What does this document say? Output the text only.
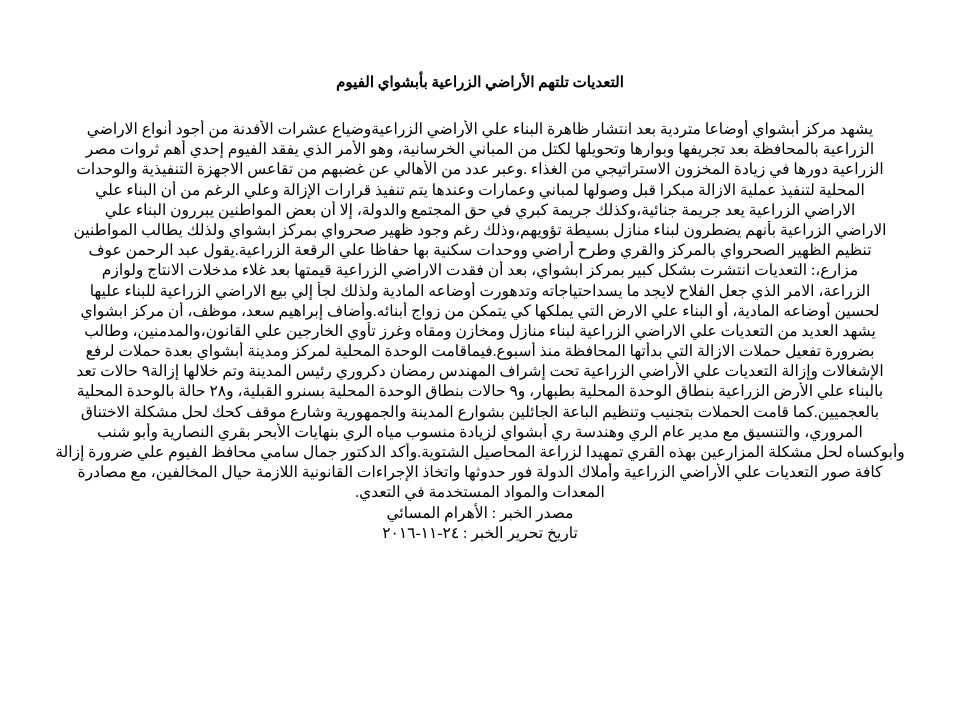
التعديات تلتهم الأراضي الزراعية بأبشواي الفيوم
يشهد مركز أبشواي أوضاعا متردية بعد انتشار ظاهرة البناء علي الأراضي الزراعيةوضياع عشرات الأفدنة من أجود أنواع الاراضي
الزراعية بالمحافظة بعد تجريفها وبوارها وتحويلها لكتل من المباني الخرسانية، وهو الأمر الذي يفقد الفيوم إحدي أهم ثروات مصر
الزراعية دورها في زيادة المخزون الاستراتيجي من الغذاء .وعبر عدد من الأهالي عن غضبهم من تقاعس الاجهزة التنفيذية والوحدات
المحلية لتنفيذ عملية الازالة مبكرا قبل وصولها لمباني وعمارات وعندها يتم تنفيذ قرارات الإزالة وعلي الرغم من أن البناء علي
الاراضي الزراعية يعد جريمة جنائية،وكذلك جريمة كبري في حق المجتمع والدولة، إلا أن بعض المواطنين يبررون البناء علي
الاراضي الزراعية بأنهم يضطرون لبناء منازل بسيطة تؤويهم،وذلك رغم وجود ظهير صحرواي بمركز ابشواي ولذلك يطالب المواطنين
تنظيم الظهير الصحرواي بالمركز والقري وطرح أراضي ووحدات سكنية بها حفاظا علي الرقعة الزراعية.يقول عبد الرحمن عوف
مزارع،: التعديات انتشرت بشكل كبير بمركز ابشواي، بعد أن فقدت الاراضي الزراعية قيمتها بعد غلاء مدخلات الانتاج ولوازم
الزراعة، الامر الذي جعل الفلاح لايجد ما يسداحتياجاته وتدهورت أوضاعه المادية ولذلك لجأ إلي بيع الاراضي الزراعية للبناء عليها
لحسين أوضاعه المادية، أو البناء علي الارض التي يملكها كي يتمكن من زواج أبنائه.وأضاف إبراهيم سعد، موظف، أن مركز ابشواي
يشهد العديد من التعديات علي الاراضي الزراعية لبناء منازل ومخازن ومقاه وغرز تأوي الخارجين علي القانون،والمدمنين، وطالب
بضرورة تفعيل حملات الازالة التي بدأتها المحافظة منذ أسبوع.فيماقامت الوحدة المحلية لمركز ومدينة أبشواي بعدة حملات لرفع
الإشغالات وإزالة التعديات علي الأراضي الزراعية تحت إشراف المهندس رمضان دكروري رئيس المدينة وتم خلالها إزالة٩ حالات تعد
بالبناء علي الأرض الزراعية بنطاق الوحدة المحلية بطبهار، و٩ حالات بنطاق الوحدة المحلية بسنرو القبلية، و٢٨ حالة بالوحدة المحلية
بالعجميين.كما قامت الحملات بتجنيب وتنظيم الباعة الجائلين بشوارع المدينة والجمهورية وشارع موقف كحك لحل مشكلة الاختناق
المروري، والتنسيق مع مدير عام الري وهندسة ري أبشواي لزيادة منسوب مياه الري بنهايات الأبحر بقري النصارية وأبو شنب
وأبوكساه لحل مشكلة المزارعين بهذه القري تمهيدا لزراعة المحاصيل الشتوية.وأكد الدكتور جمال سامي محافظ الفيوم علي ضرورة إزالة
كافة صور التعديات علي الأراضي الزراعية وأملاك الدولة فور حدوثها واتخاذ الإجراءات القانونية اللازمة حيال المخالفين، مع مصادرة
المعدات والمواد المستخدمة في التعدي.
مصدر الخبر : الأهرام المسائي
تاريخ تحرير الخبر : ٢٤-١١-٢٠١٦
